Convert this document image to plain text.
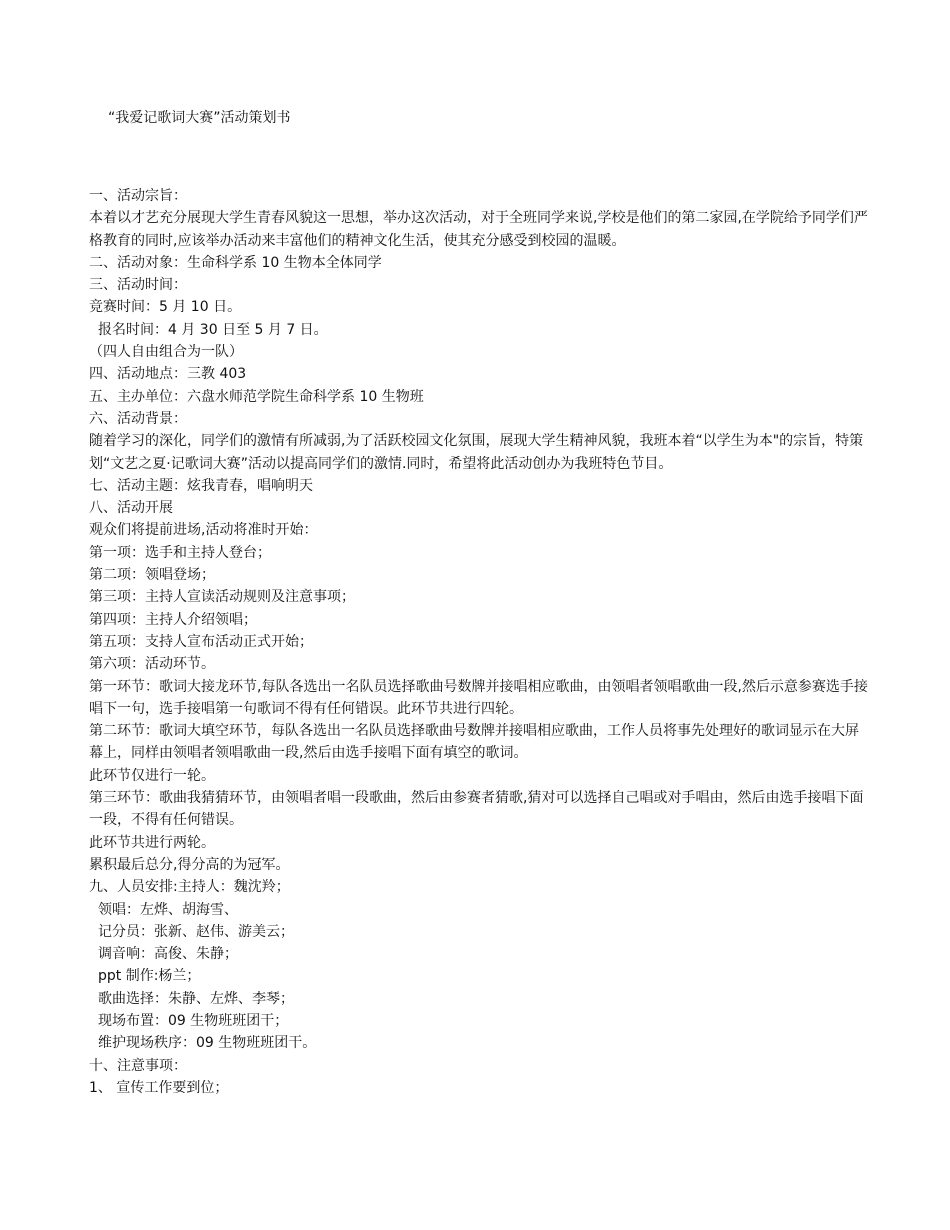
“我爱记歌词大赛”活动策划书
一、活动宗旨：
本着以才艺充分展现大学生青春风貌这一思想，举办这次活动，对于全班同学来说,学校是他们的第二家园,在学院给予同学们严格教育的同时,应该举办活动来丰富他们的精神文化生活，使其充分感受到校园的温暖。
二、活动对象：生命科学系 10 生物本全体同学
三、活动时间：
竞赛时间：5 月 10 日。
报名时间：4 月 30 日至 5 月 7 日。
（四人自由组合为一队）
四、活动地点：三教 403
五、主办单位：六盘水师范学院生命科学系 10 生物班
六、活动背景：
随着学习的深化，同学们的激情有所减弱,为了活跃校园文化氛围，展现大学生精神风貌，我班本着“以学生为本"的宗旨，特策划“文艺之夏·记歌词大赛”活动以提高同学们的激情.同时，希望将此活动创办为我班特色节目。
七、活动主题：炫我青春，唱响明天
八、活动开展
观众们将提前进场,活动将准时开始：
第一项：选手和主持人登台；
第二项：领唱登场；
第三项：主持人宣读活动规则及注意事项；
第四项：主持人介绍领唱；
第五项：支持人宣布活动正式开始；
第六项：活动环节。
第一环节：歌词大接龙环节,每队各选出一名队员选择歌曲号数牌并接唱相应歌曲，由领唱者领唱歌曲一段,然后示意参赛选手接唱下一句，选手接唱第一句歌词不得有任何错误。此环节共进行四轮。
第二环节：歌词大填空环节，每队各选出一名队员选择歌曲号数牌并接唱相应歌曲，工作人员将事先处理好的歌词显示在大屏幕上，同样由领唱者领唱歌曲一段,然后由选手接唱下面有填空的歌词。
此环节仅进行一轮。
第三环节：歌曲我猜猜环节，由领唱者唱一段歌曲，然后由参赛者猜歌,猜对可以选择自己唱或对手唱由，然后由选手接唱下面一段，不得有任何错误。
此环节共进行两轮。
累积最后总分,得分高的为冠军。
九、人员安排:主持人：魏沈羚；
领唱：左烨、胡海雪、
记分员：张新、赵伟、游美云；
调音响：高俊、朱静；
ppt 制作:杨兰；
歌曲选择：朱静、左烨、李琴；
现场布置：09 生物班班团干；
维护现场秩序：09 生物班班团干。
十、注意事项：
1、 宣传工作要到位；
